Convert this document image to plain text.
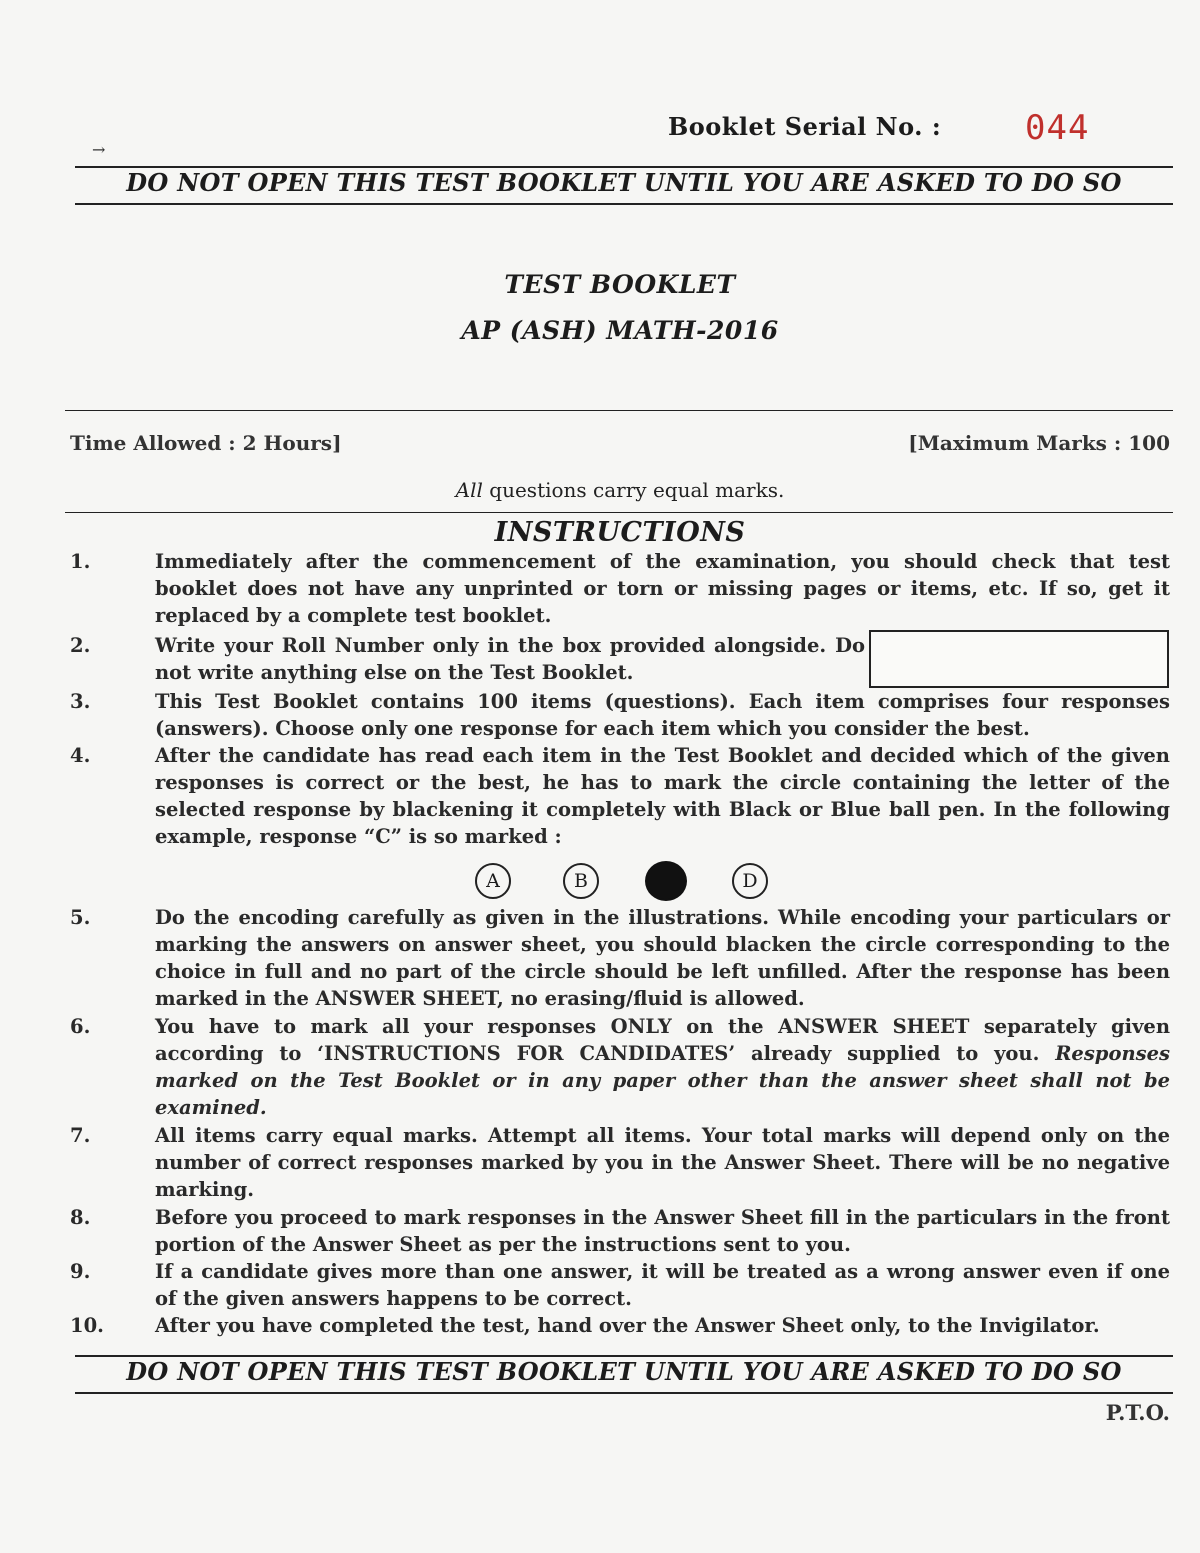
→
Booklet Serial No. : 044
DO NOT OPEN THIS TEST BOOKLET UNTIL YOU ARE ASKED TO DO SO
TEST BOOKLET
AP (ASH) MATH-2016
Time Allowed : 2 Hours]	[Maximum Marks : 100
All questions carry equal marks.
INSTRUCTIONS
1.	Immediately after the commencement of the examination, you should check that test booklet does not have any unprinted or torn or missing pages or items, etc. If so, get it replaced by a complete test booklet.
2.	Write your Roll Number only in the box provided alongside. Do not write anything else on the Test Booklet.
3.	This Test Booklet contains 100 items (questions). Each item comprises four responses (answers). Choose only one response for each item which you consider the best.
4.	After the candidate has read each item in the Test Booklet and decided which of the given responses is correct or the best, he has to mark the circle containing the letter of the selected response by blackening it completely with Black or Blue ball pen. In the following example, response “C” is so marked :
A	B	D
5.	Do the encoding carefully as given in the illustrations. While encoding your particulars or marking the answers on answer sheet, you should blacken the circle corresponding to the choice in full and no part of the circle should be left unfilled. After the response has been marked in the ANSWER SHEET, no erasing/fluid is allowed.
6.	You have to mark all your responses ONLY on the ANSWER SHEET separately given according to ‘INSTRUCTIONS FOR CANDIDATES’ already supplied to you. Responses marked on the Test Booklet or in any paper other than the answer sheet shall not be examined.
7.	All items carry equal marks. Attempt all items. Your total marks will depend only on the number of correct responses marked by you in the Answer Sheet. There will be no negative marking.
8.	Before you proceed to mark responses in the Answer Sheet fill in the particulars in the front portion of the Answer Sheet as per the instructions sent to you.
9.	If a candidate gives more than one answer, it will be treated as a wrong answer even if one of the given answers happens to be correct.
10.	After you have completed the test, hand over the Answer Sheet only, to the Invigilator.
DO NOT OPEN THIS TEST BOOKLET UNTIL YOU ARE ASKED TO DO SO
P.T.O.
